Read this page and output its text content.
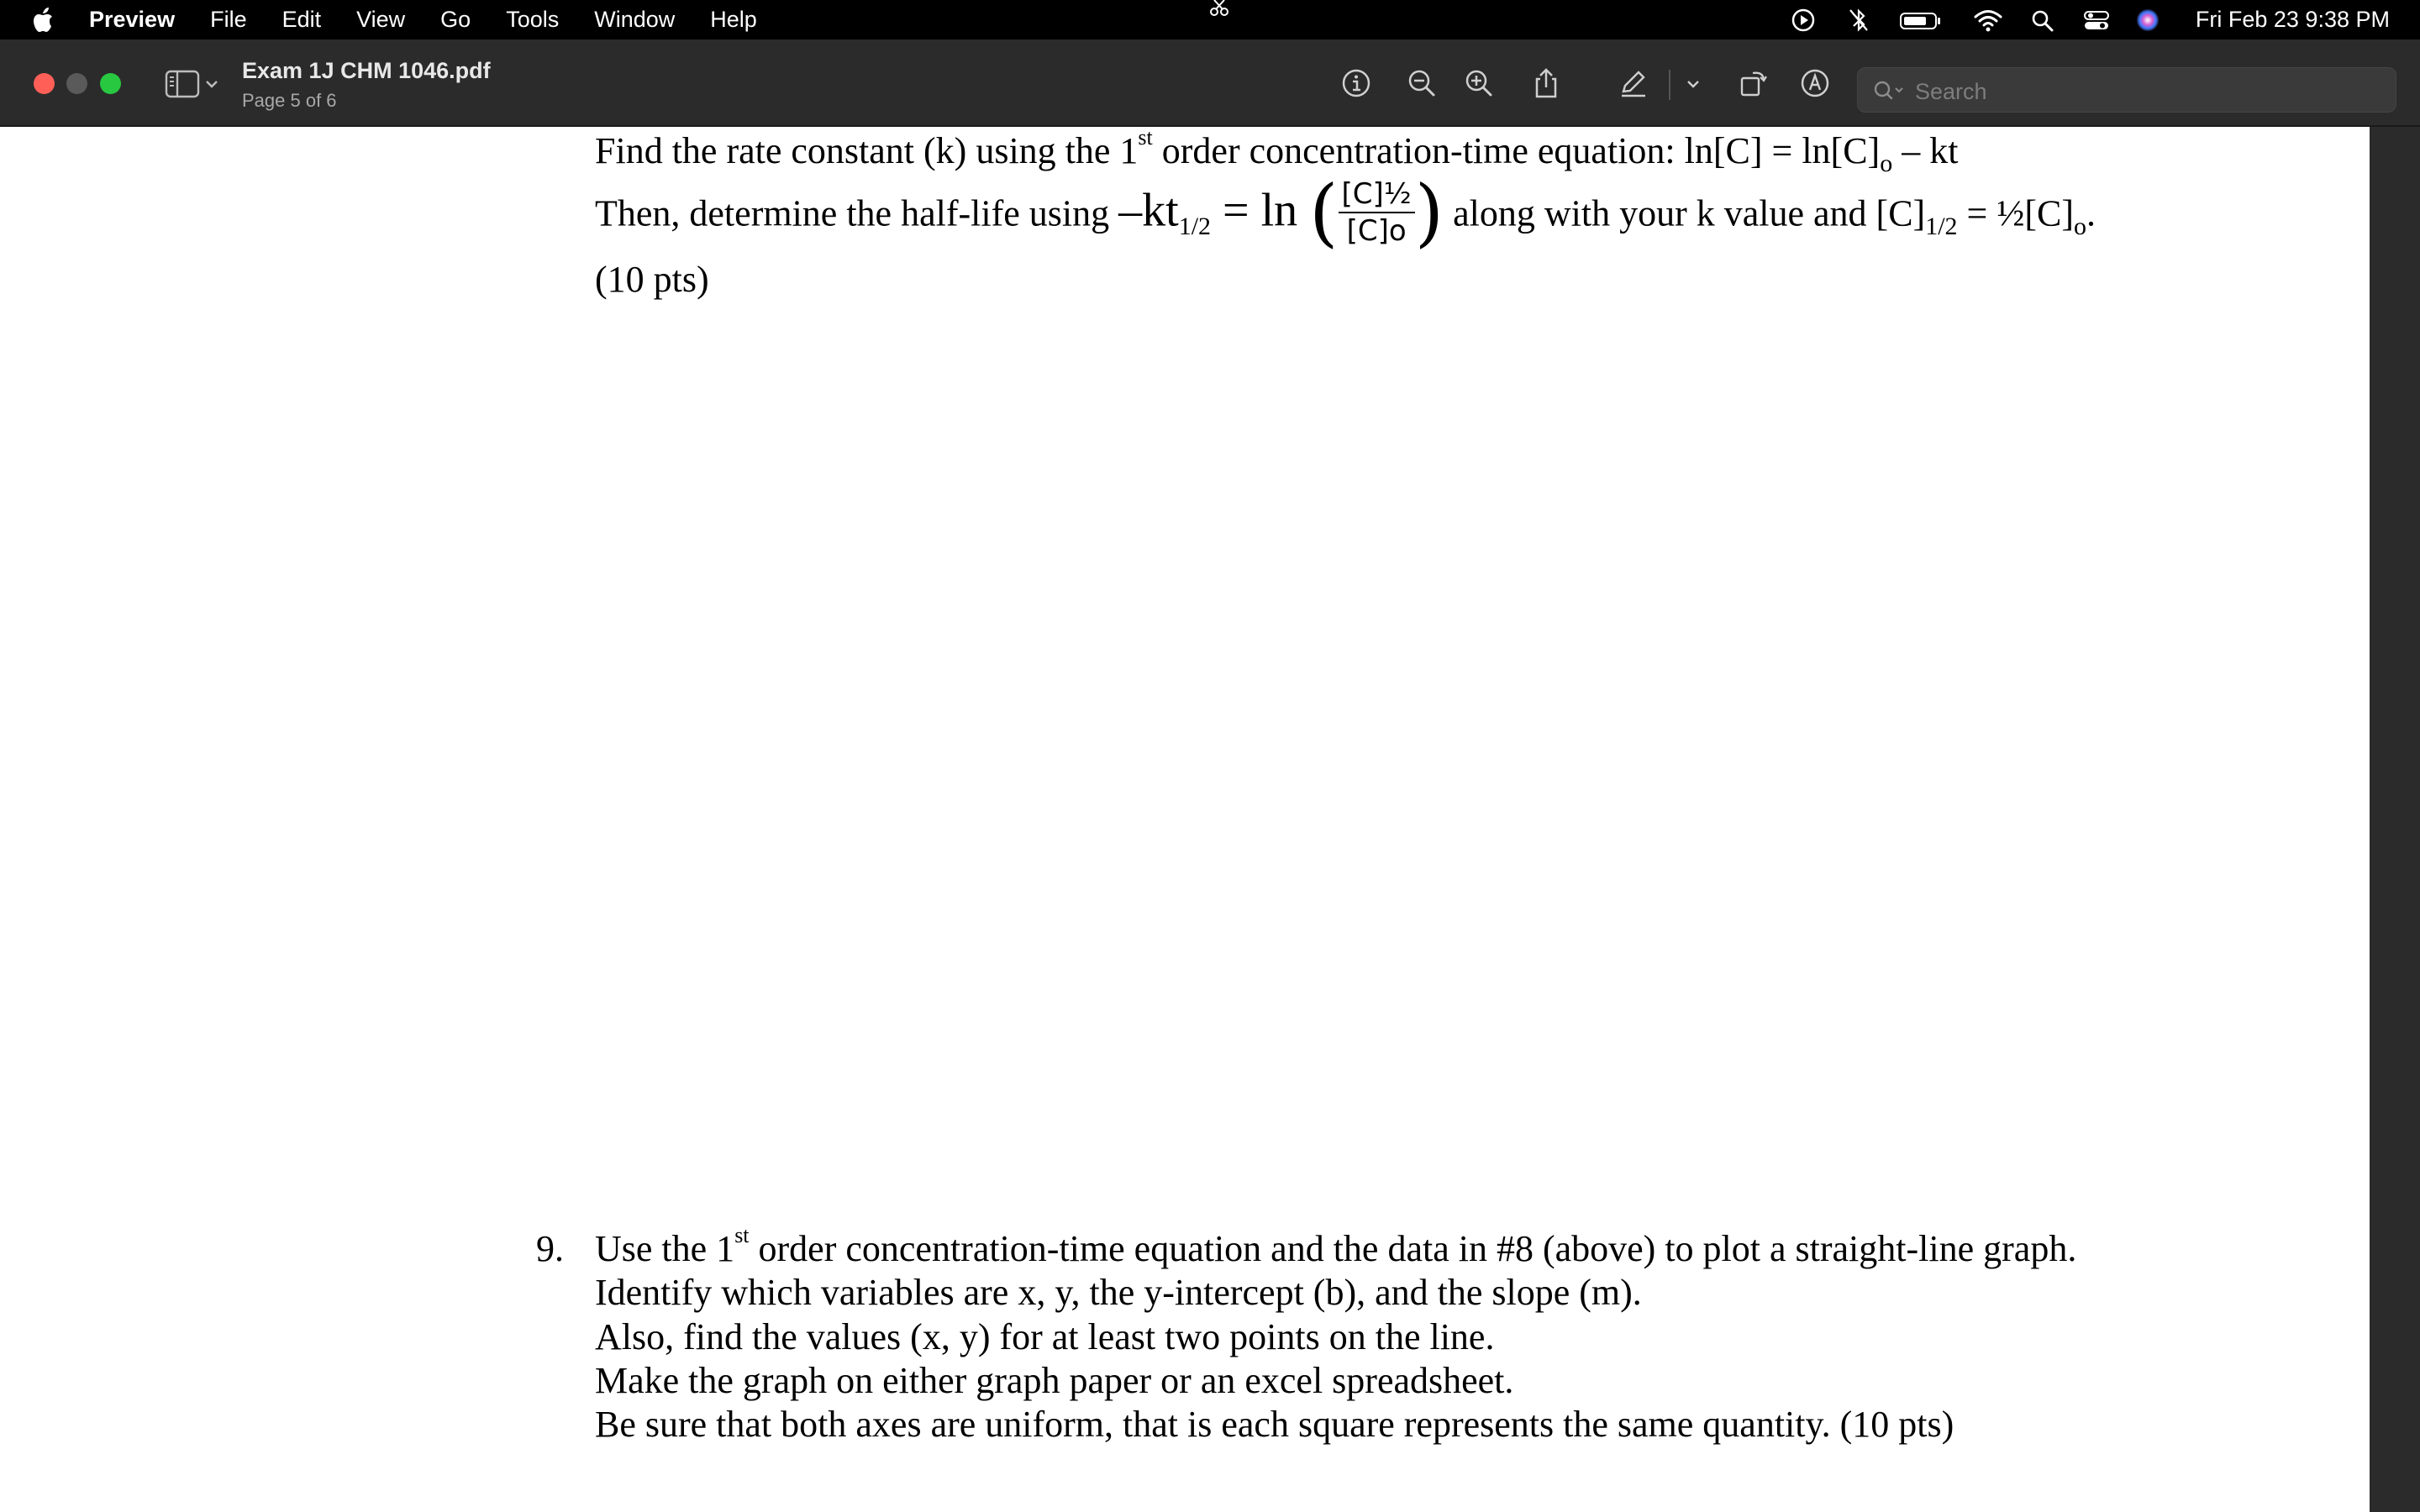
Preview File Edit View Go Tools Window Help	Fri Feb 23 9:38 PM
Exam 1J CHM 1046.pdf
Page 5 of 6
Search
Find the rate constant (k) using the 1st order concentration-time equation: $\ln[C] = \ln[C]_o$ – kt
Then, determine the half-life using $-kt_{1/2} = \ln$ ( $\frac{\text{[C]½}}{[C]o}$ ) along with your k value and $[C]_{1/2}$ = $\frac{1}{2}[C]_o$.
(10 pts)
9. Use the 1st order concentration-time equation and the data in #8 (above) to plot a straight-line graph.
Identify which variables are x, y, the y-intercept (b), and the slope (m).
Also, find the values (x, y) for at least two points on the line.
Make the graph on either graph paper or an excel spreadsheet.
Be sure that both axes are uniform, that is each square represents the same quantity. (10 pts)
